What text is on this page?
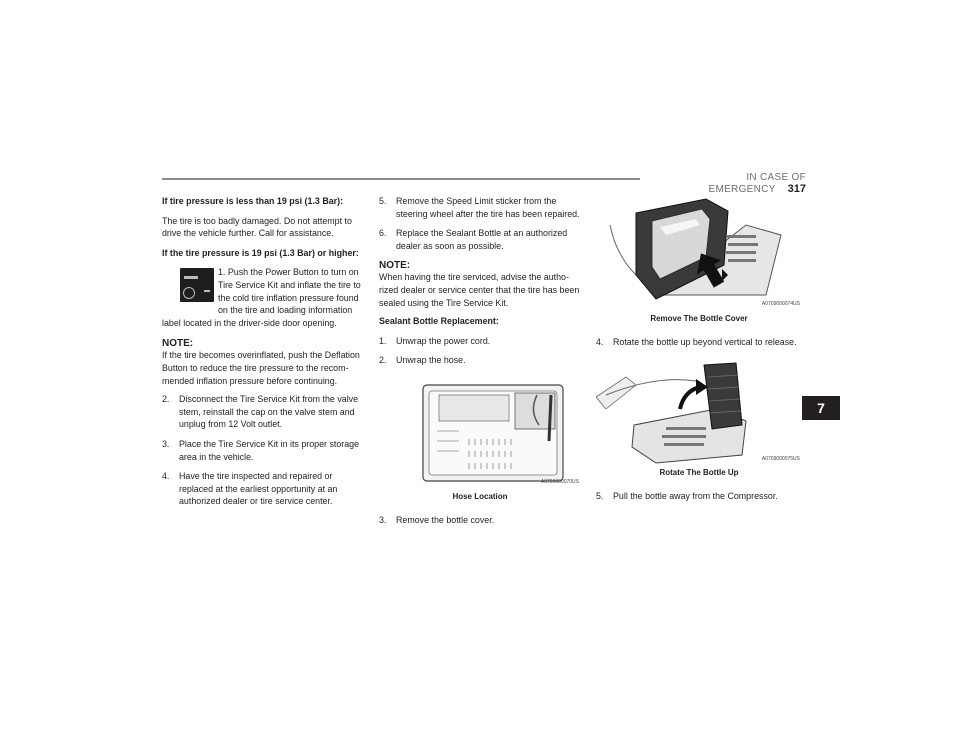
IN CASE OF EMERGENCY 317
7

If tire pressure is less than 19 psi (1.3 Bar):

The tire is too badly damaged. Do not attempt to drive the vehicle further. Call for assistance.

If the tire pressure is 19 psi (1.3 Bar) or higher:

1. Push the Power Button to turn on Tire Service Kit and inflate the tire to the cold tire inflation pressure found on the tire and loading information label located in the driver-side door opening.

NOTE:

If the tire becomes overinflated, push the Deflation Button to reduce the tire pressure to the recom-mended inflation pressure before continuing.

2. Disconnect the Tire Service Kit from the valve stem, reinstall the cap on the valve stem and unplug from 12 Volt outlet.
3. Place the Tire Service Kit in its proper storage area in the vehicle.
4. Have the tire inspected and repaired or replaced at the earliest opportunity at an authorized dealer or tire service center.
5. Remove the Speed Limit sticker from the steering wheel after the tire has been repaired.
6. Replace the Sealant Bottle at an authorized dealer as soon as possible.
NOTE:

When having the tire serviced, advise the autho-rized dealer or service center that the tire has been sealed using the Tire Service Kit.

Sealant Bottle Replacement:

1. Unwrap the power cord.
2. Unwrap the hose.
A0709000070US
Hose Location
3. Remove the bottle cover.
A0709000074US
Remove The Bottle Cover
4. Rotate the bottle up beyond vertical to release.
A0709000075US
Rotate The Bottle Up
5. Pull the bottle away from the Compressor.
